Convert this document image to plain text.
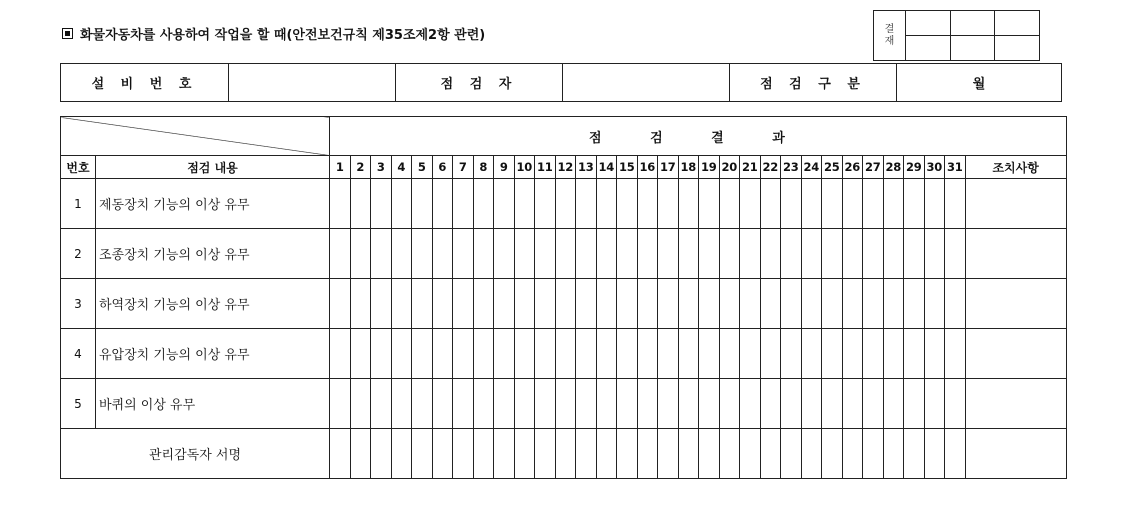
화물자동차를 사용하여 작업을 할 때(안전보건규칙 제35조제2항 관련)	결
재			

설 비 번 호		점 검 자		점 검 구 분	월
		점 검 결 과																															
번호	점검 내용	1	2	3	4	5	6	7	8	9	10	11	12	13	14	15	16	17	18	19	20	21	22	23	24	25	26	27	28	29	30	31	조치사항
1	제동장치 기능의 이상 유무																																
2	조종장치 기능의 이상 유무																																
3	하역장치 기능의 이상 유무																																
4	유압장치 기능의 이상 유무																																
5	바퀴의 이상 유무																																
관리감독자 서명																																	
